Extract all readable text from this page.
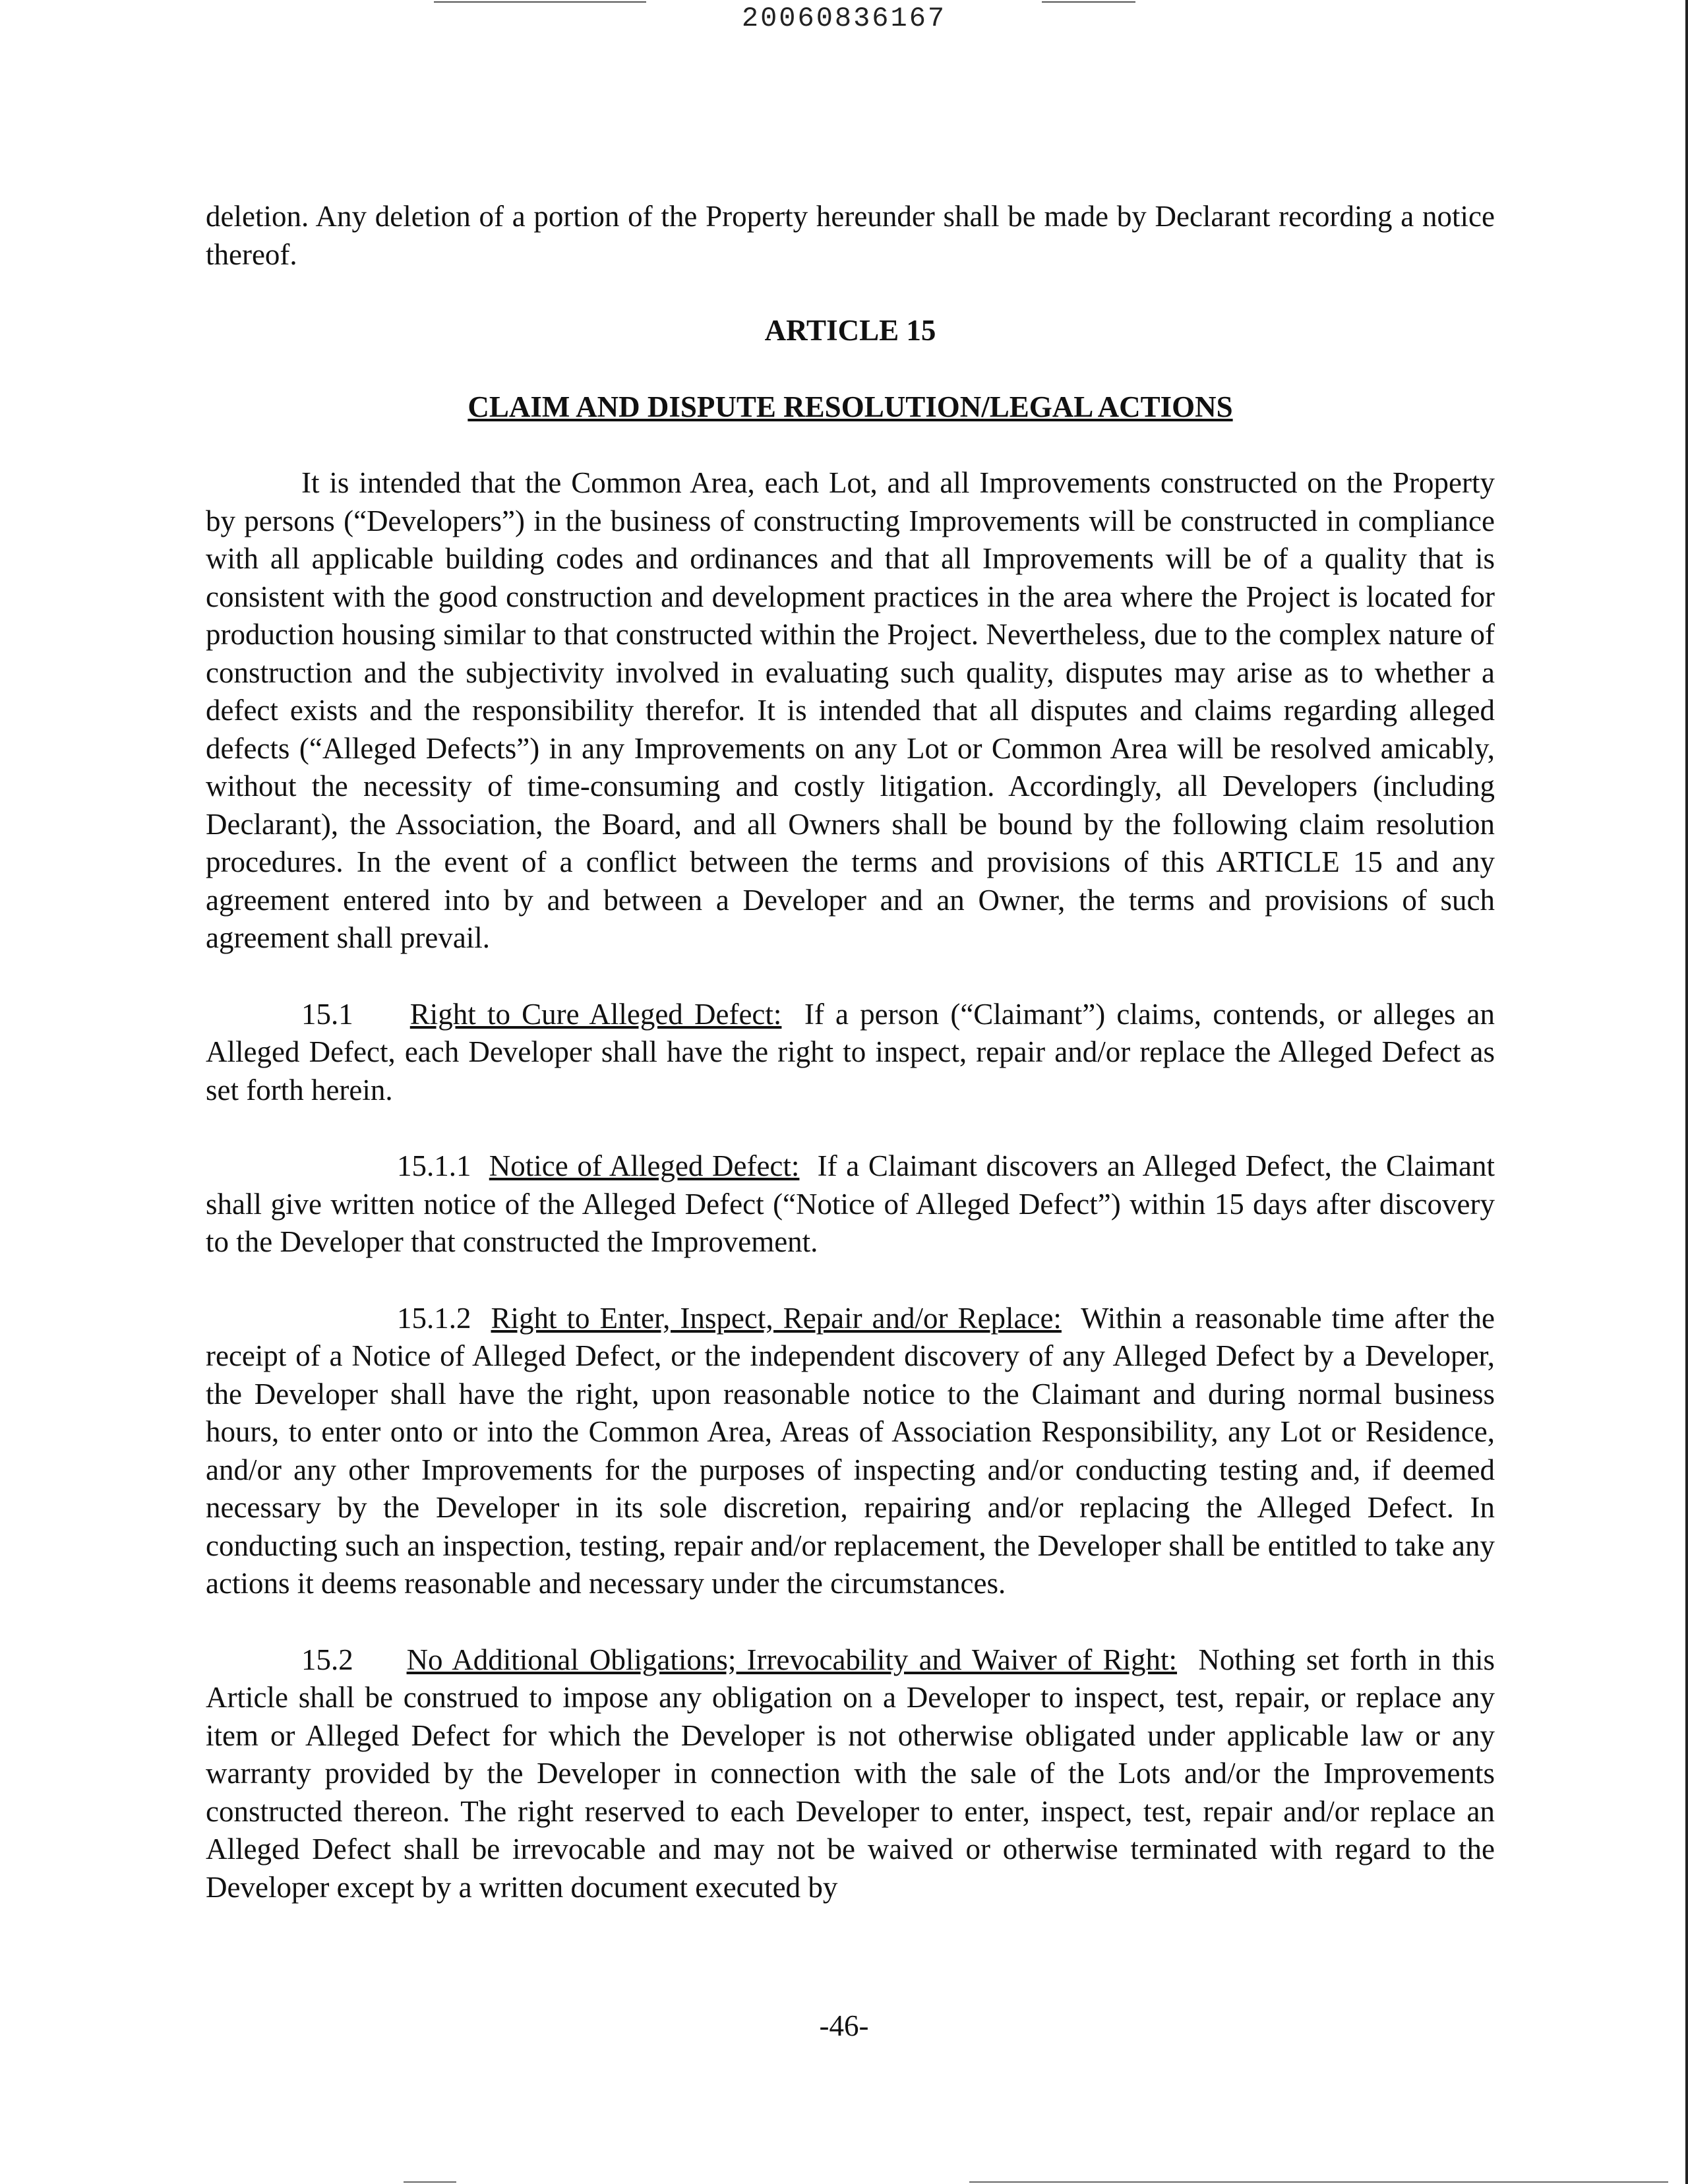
20060836167

deletion. Any deletion of a portion of the Property hereunder shall be made by Declarant recording a notice thereof.

ARTICLE 15
CLAIM AND DISPUTE RESOLUTION/LEGAL ACTIONS

It is intended that the Common Area, each Lot, and all Improvements constructed on the Property by persons (“Developers”) in the business of constructing Improvements will be constructed in compliance with all applicable building codes and ordinances and that all Improvements will be of a quality that is consistent with the good construction and development practices in the area where the Project is located for production housing similar to that constructed within the Project. Nevertheless, due to the complex nature of construction and the subjectivity involved in evaluating such quality, disputes may arise as to whether a defect exists and the responsibility therefor. It is intended that all disputes and claims regarding alleged defects (“Alleged Defects”) in any Improvements on any Lot or Common Area will be resolved amicably, without the necessity of time-consuming and costly litigation. Accordingly, all Developers (including Declarant), the Association, the Board, and all Owners shall be bound by the following claim resolution procedures. In the event of a conflict between the terms and provisions of this ARTICLE 15 and any agreement entered into by and between a Developer and an Owner, the terms and provisions of such agreement shall prevail.

15.1 Right to Cure Alleged Defect: If a person (“Claimant”) claims, contends, or alleges an Alleged Defect, each Developer shall have the right to inspect, repair and/or replace the Alleged Defect as set forth herein.

15.1.1 Notice of Alleged Defect: If a Claimant discovers an Alleged Defect, the Claimant shall give written notice of the Alleged Defect (“Notice of Alleged Defect”) within 15 days after discovery to the Developer that constructed the Improvement.

15.1.2 Right to Enter, Inspect, Repair and/or Replace: Within a reasonable time after the receipt of a Notice of Alleged Defect, or the independent discovery of any Alleged Defect by a Developer, the Developer shall have the right, upon reasonable notice to the Claimant and during normal business hours, to enter onto or into the Common Area, Areas of Association Responsibility, any Lot or Residence, and/or any other Improvements for the purposes of inspecting and/or conducting testing and, if deemed necessary by the Developer in its sole discretion, repairing and/or replacing the Alleged Defect. In conducting such an inspection, testing, repair and/or replacement, the Developer shall be entitled to take any actions it deems reasonable and necessary under the circumstances.

15.2 No Additional Obligations; Irrevocability and Waiver of Right: Nothing set forth in this Article shall be construed to impose any obligation on a Developer to inspect, test, repair, or replace any item or Alleged Defect for which the Developer is not otherwise obligated under applicable law or any warranty provided by the Developer in connection with the sale of the Lots and/or the Improvements constructed thereon. The right reserved to each Developer to enter, inspect, test, repair and/or replace an Alleged Defect shall be irrevocable and may not be waived or otherwise terminated with regard to the Developer except by a written document executed by

-46-
